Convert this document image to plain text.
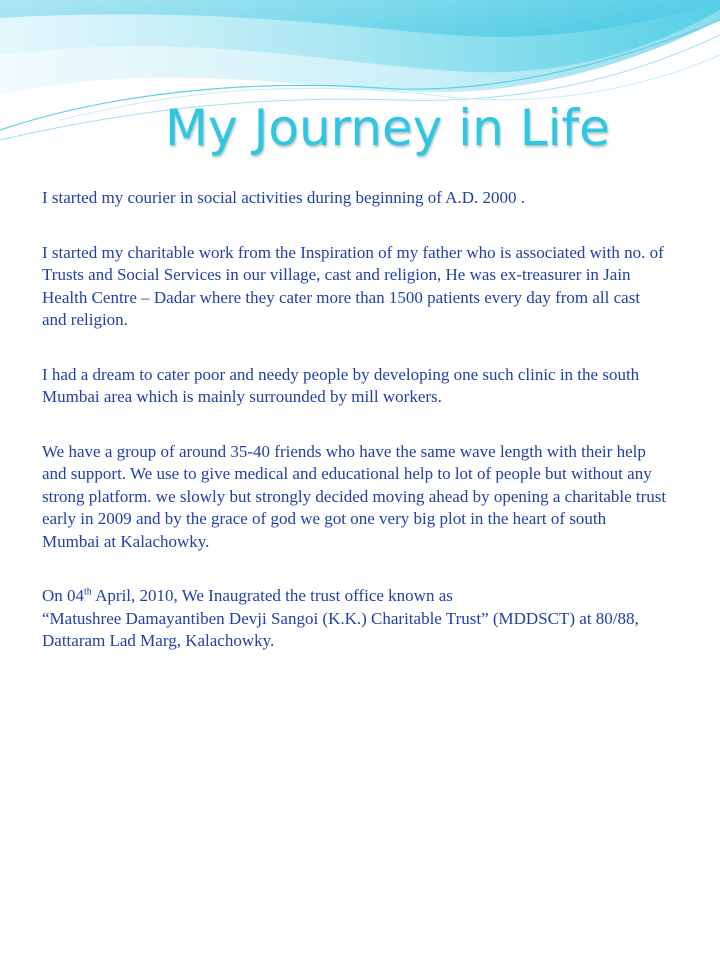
My Journey in Life

I started my courier in social activities during beginning of A.D. 2000 .

I started my charitable work from the Inspiration of my father who is associated with no. of Trusts and Social Services in our village, cast and religion, He was ex-treasurer in Jain Health Centre – Dadar where they cater more than 1500 patients every day from all cast and religion.

I had a dream to cater poor and needy people by developing one such clinic in the south Mumbai area which is mainly surrounded by mill workers.

We have a group of around 35-40 friends who have the same wave length with their help and support. We use to give medical and educational help to lot of people but without any strong platform. we slowly but strongly decided moving ahead by opening a charitable trust early in 2009 and by the grace of god we got one very big plot in the heart of south Mumbai at Kalachowky.

On 04th April, 2010, We Inaugrated the trust office known as
“Matushree Damayantiben Devji Sangoi (K.K.) Charitable Trust” (MDDSCT) at 80/88, Dattaram Lad Marg, Kalachowky.
